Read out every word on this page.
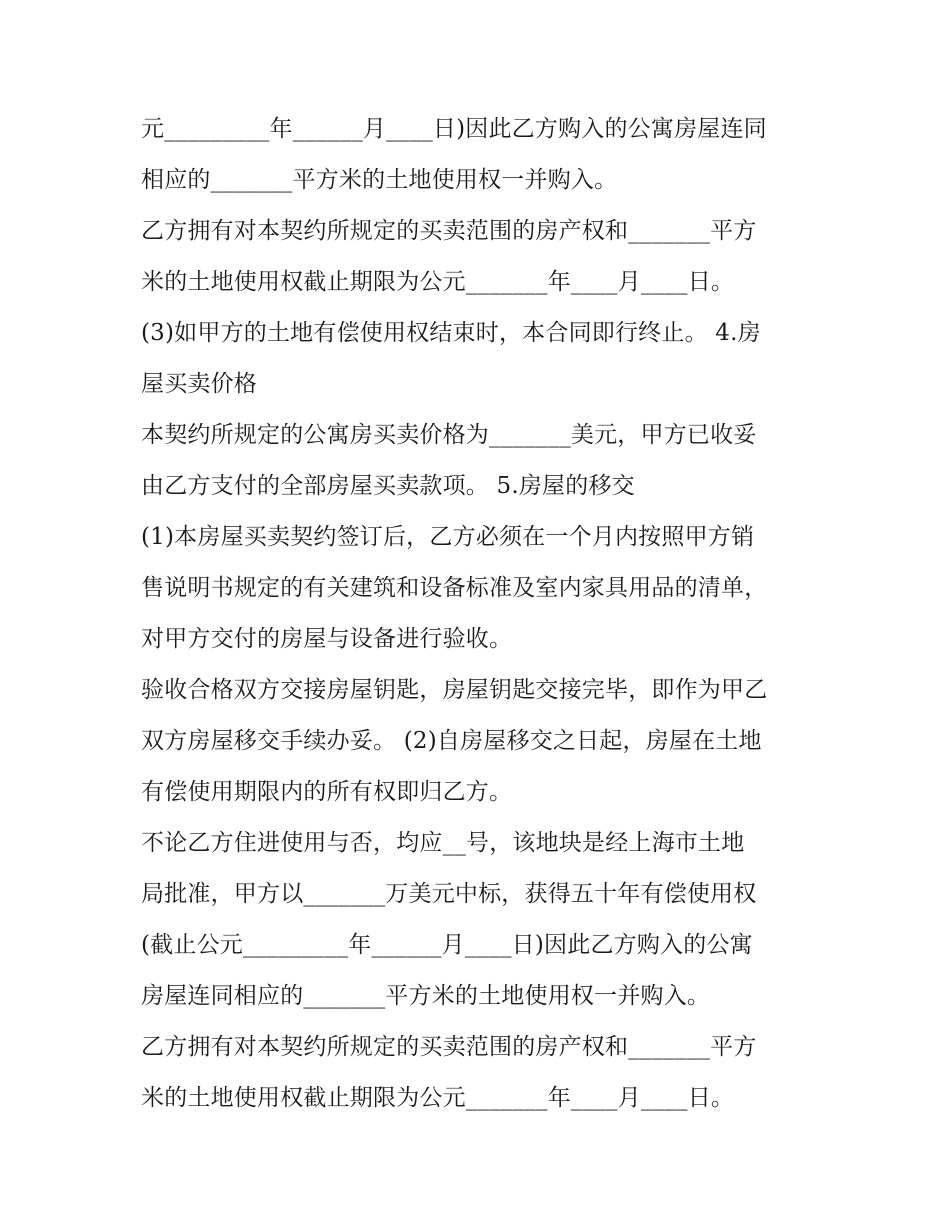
元_________年______月____日)因此乙方购入的公寓房屋连同
相应的_______平方米的土地使用权一并购入。
乙方拥有对本契约所规定的买卖范围的房产权和_______平方
米的土地使用权截止期限为公元_______年____月____日。
(3)如甲方的土地有偿使用权结束时，本合同即行终止。 4.房
屋买卖价格
本契约所规定的公寓房买卖价格为_______美元，甲方已收妥
由乙方支付的全部房屋买卖款项。 5.房屋的移交
(1)本房屋买卖契约签订后，乙方必须在一个月内按照甲方销
售说明书规定的有关建筑和设备标准及室内家具用品的清单，
对甲方交付的房屋与设备进行验收。
验收合格双方交接房屋钥匙，房屋钥匙交接完毕，即作为甲乙
双方房屋移交手续办妥。 (2)自房屋移交之日起，房屋在土地
有偿使用期限内的所有权即归乙方。
不论乙方住进使用与否，均应__号，该地块是经上海市土地
局批准，甲方以_______万美元中标，获得五十年有偿使用权
(截止公元_________年______月____日)因此乙方购入的公寓
房屋连同相应的_______平方米的土地使用权一并购入。
乙方拥有对本契约所规定的买卖范围的房产权和_______平方
米的土地使用权截止期限为公元_______年____月____日。
